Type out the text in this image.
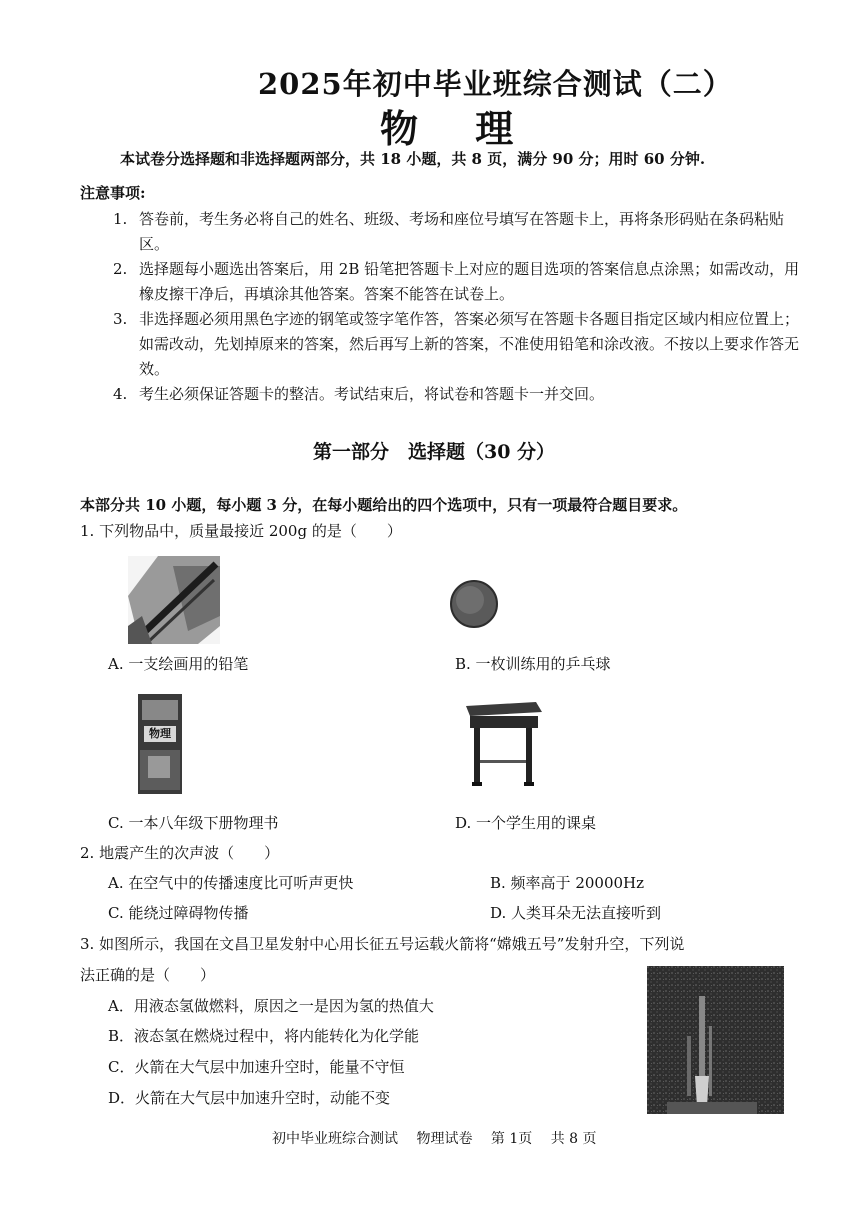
2025年初中毕业班综合测试（二）
物 理
本试卷分选择题和非选择题两部分，共 18 小题，共 8 页，满分 90 分；用时 60 分钟.
注意事项:
1. 答卷前，考生务必将自己的姓名、班级、考场和座位号填写在答题卡上，再将条形码贴在条码粘贴区。
2. 选择题每小题选出答案后，用 2B 铅笔把答题卡上对应的题目选项的答案信息点涂黑；如需改动，用橡皮擦干净后，再填涂其他答案。答案不能答在试卷上。
3. 非选择题必须用黑色字迹的钢笔或签字笔作答，答案必须写在答题卡各题目指定区域内相应位置上；如需改动，先划掉原来的答案，然后再写上新的答案，不准使用铅笔和涂改液。不按以上要求作答无效。
4. 考生必须保证答题卡的整洁。考试结束后，将试卷和答题卡一并交回。
第一部分　选择题（30 分）
本部分共 10 小题，每小题 3 分，在每小题给出的四个选项中，只有一项最符合题目要求。
1. 下列物品中，质量最接近 200g 的是（　　）
A. 一支绘画用的铅笔	B. 一枚训练用的乒乓球
物理
C. 一本八年级下册物理书	D. 一个学生用的课桌
2. 地震产生的次声波（　　）
A. 在空气中的传播速度比可听声更快	B. 频率高于 20000Hz
C. 能绕过障碍物传播	D. 人类耳朵无法直接听到
3. 如图所示，我国在文昌卫星发射中心用长征五号运载火箭将“嫦娥五号”发射升空，下列说
法正确的是（　　）
A．用液态氢做燃料，原因之一是因为氢的热值大
B．液态氢在燃烧过程中，将内能转化为化学能
C．火箭在大气层中加速升空时，能量不守恒
D．火箭在大气层中加速升空时，动能不变
初中毕业班综合测试　 物理试卷　 第 1页　 共 8 页
